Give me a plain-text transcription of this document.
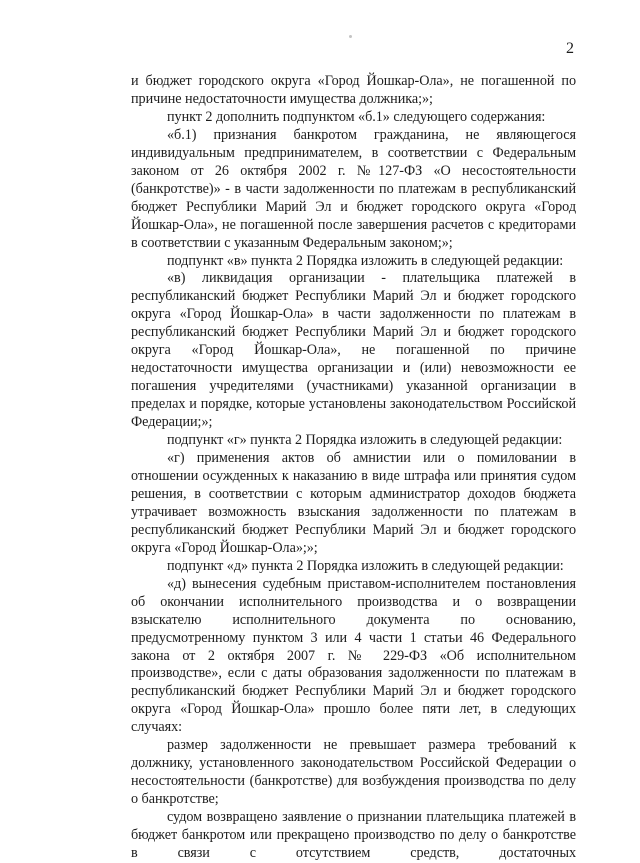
2

и бюджет городского округа «Город Йошкар-Ола», не погашенной по причине недостаточности имущества должника;»;

пункт 2 дополнить подпунктом «б.1» следующего содержания:

«б.1) признания банкротом гражданина, не являющегося индивидуальным предпринимателем, в соответствии с Федеральным законом от 26 октября 2002 г. №127-ФЗ «О несостоятельности (банкротстве)» - в части задолженности по платежам в республиканский бюджет Республики Марий Эл и бюджет городского округа «Город Йошкар-Ола», не погашенной после завершения расчетов с кредиторами в соответствии с указанным Федеральным законом;»;

подпункт «в» пункта 2 Порядка изложить в следующей редакции:

«в) ликвидация организации - плательщика платежей в республиканский бюджет Республики Марий Эл и бюджет городского округа «Город Йошкар-Ола» в части задолженности по платежам в республиканский бюджет Республики Марий Эл и бюджет городского округа «Город Йошкар-Ола», не погашенной по причине недостаточности имущества организации и (или) невозможности ее погашения учредителями (участниками) указанной организации в пределах и порядке, которые установлены законодательством Российской Федерации;»;

подпункт «г» пункта 2 Порядка изложить в следующей редакции:

«г) применения актов об амнистии или о помиловании в отношении осужденных к наказанию в виде штрафа или принятия судом решения, в соответствии с которым администратор доходов бюджета утрачивает возможность взыскания задолженности по платежам в республиканский бюджет Республики Марий Эл и бюджет городского округа «Город Йошкар-Ола»;»;

подпункт «д» пункта 2 Порядка изложить в следующей редакции:

«д) вынесения судебным приставом-исполнителем постановления об окончании исполнительного производства и о возвращении взыскателю исполнительного документа по основанию, предусмотренному пунктом 3 или 4 части 1 статьи 46 Федерального закона от 2 октября 2007 г. № 229-ФЗ «Об исполнительном производстве», если с даты образования задолженности по платежам в республиканский бюджет Республики Марий Эл и бюджет городского округа «Город Йошкар-Ола» прошло более пяти лет, в следующих случаях:

размер задолженности не превышает размера требований к должнику, установленного законодательством Российской Федерации о несостоятельности (банкротстве) для возбуждения производства по делу о банкротстве;

судом возвращено заявление о признании плательщика платежей в бюджет банкротом или прекращено производство по делу о банкротстве в связи с отсутствием средств, достаточных
